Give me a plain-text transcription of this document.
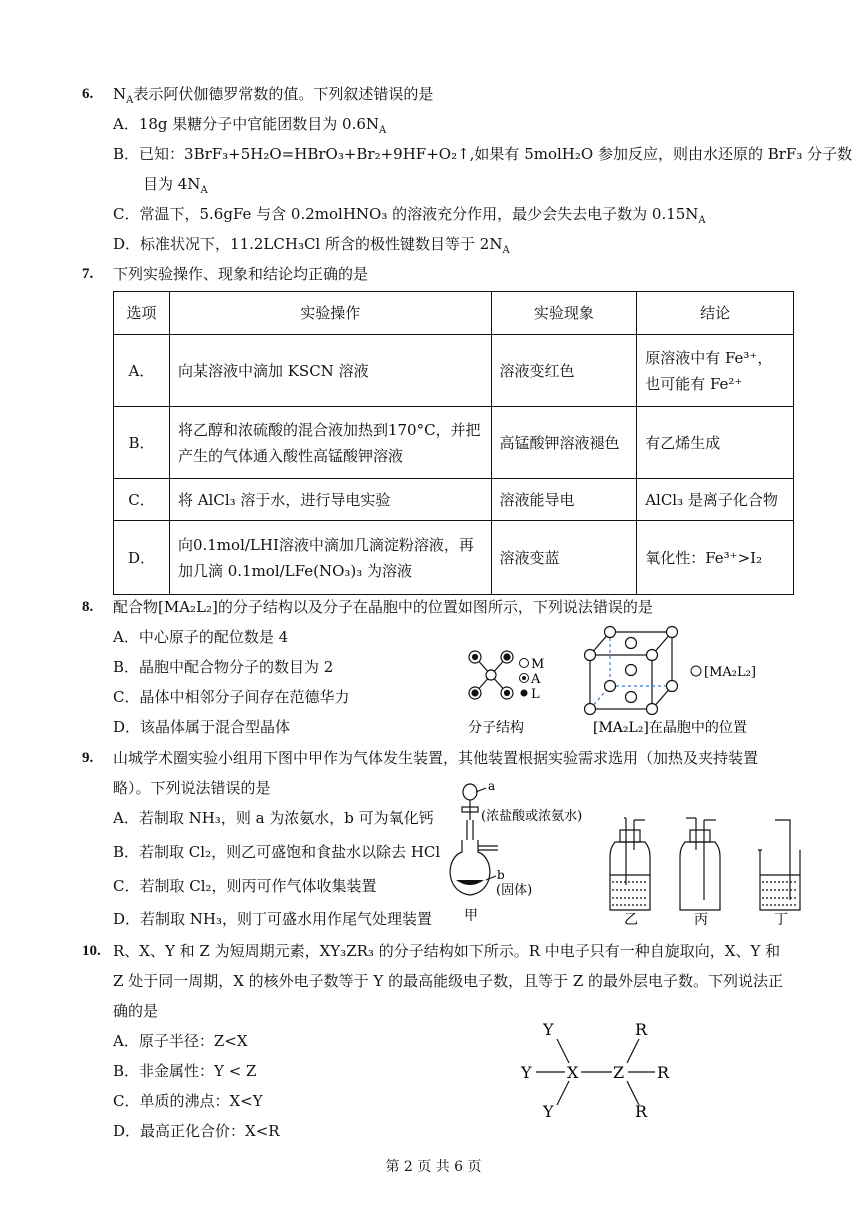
6. $N_A$表示阿伏伽德罗常数的值。下列叙述错误的是
A．18g 果糖分子中官能团数目为 $0.6N_A$
B．已知：3BrF₃+5H₂O=HBrO₃+Br₂+9HF+O₂↑,如果有 5molH₂O 参加反应，则由水还原的 BrF₃ 分子数
目为 $4N_A$
C．常温下，5.6gFe 与含 0.2molHNO₃ 的溶液充分作用，最少会失去电子数为 $0.15N_A$
D．标准状况下，11.2LCH₃Cl 所含的极性键数目等于 $2N_A$
7. 下列实验操作、现象和结论均正确的是
选项	实验操作	实验现象	结论
A．	向某溶液中滴加 KSCN 溶液	溶液变红色	原溶液中有 Fe³⁺，也可能有 Fe²⁺
B．	将乙醇和浓硫酸的混合液加热到170°C，并把产生的气体通入酸性高锰酸钾溶液	高锰酸钾溶液褪色	有乙烯生成
C．	将 AlCl₃ 溶于水，进行导电实验	溶液能导电	AlCl₃ 是离子化合物
D．	向0.1mol/LHI溶液中滴加几滴淀粉溶液，再加几滴 0.1mol/LFe(NO₃)₃ 为溶液	溶液变蓝	氧化性：Fe³⁺>I₂
8. 配合物[MA₂L₂]的分子结构以及分子在晶胞中的位置如图所示，下列说法错误的是
A．中心原子的配位数是 4
B．晶胞中配合物分子的数目为 2
C．晶体中相邻分子间存在范德华力
D．该晶体属于混合型晶体
M
A
L
分子结构
[MA₂L₂]
[MA₂L₂]在晶胞中的位置
9. 山城学术圈实验小组用下图中甲作为气体发生装置，其他装置根据实验需求选用（加热及夹持装置
略）。下列说法错误的是
A．若制取 NH₃，则 a 为浓氨水，b 可为氧化钙
B．若制取 Cl₂，则乙可盛饱和食盐水以除去 HCl
C．若制取 Cl₂，则丙可作气体收集装置
D．若制取 NH₃，则丁可盛水用作尾气处理装置
a
(浓盐酸或浓氨水)
b
(固体)
甲	乙	丙	丁
10. R、X、Y 和 Z 为短周期元素，XY₃ZR₃ 的分子结构如下所示。R 中电子只有一种自旋取向，X、Y 和
Z 处于同一周期，X 的核外电子数等于 Y 的最高能级电子数，且等于 Z 的最外层电子数。下列说法正
确的是
A．原子半径：Z<X
B．非金属性：Y < Z
C．单质的沸点：X<Y
D．最高正化合价：X<R
Y
Y
Y
X Z
R
R
R
第 2 页 共 6 页
